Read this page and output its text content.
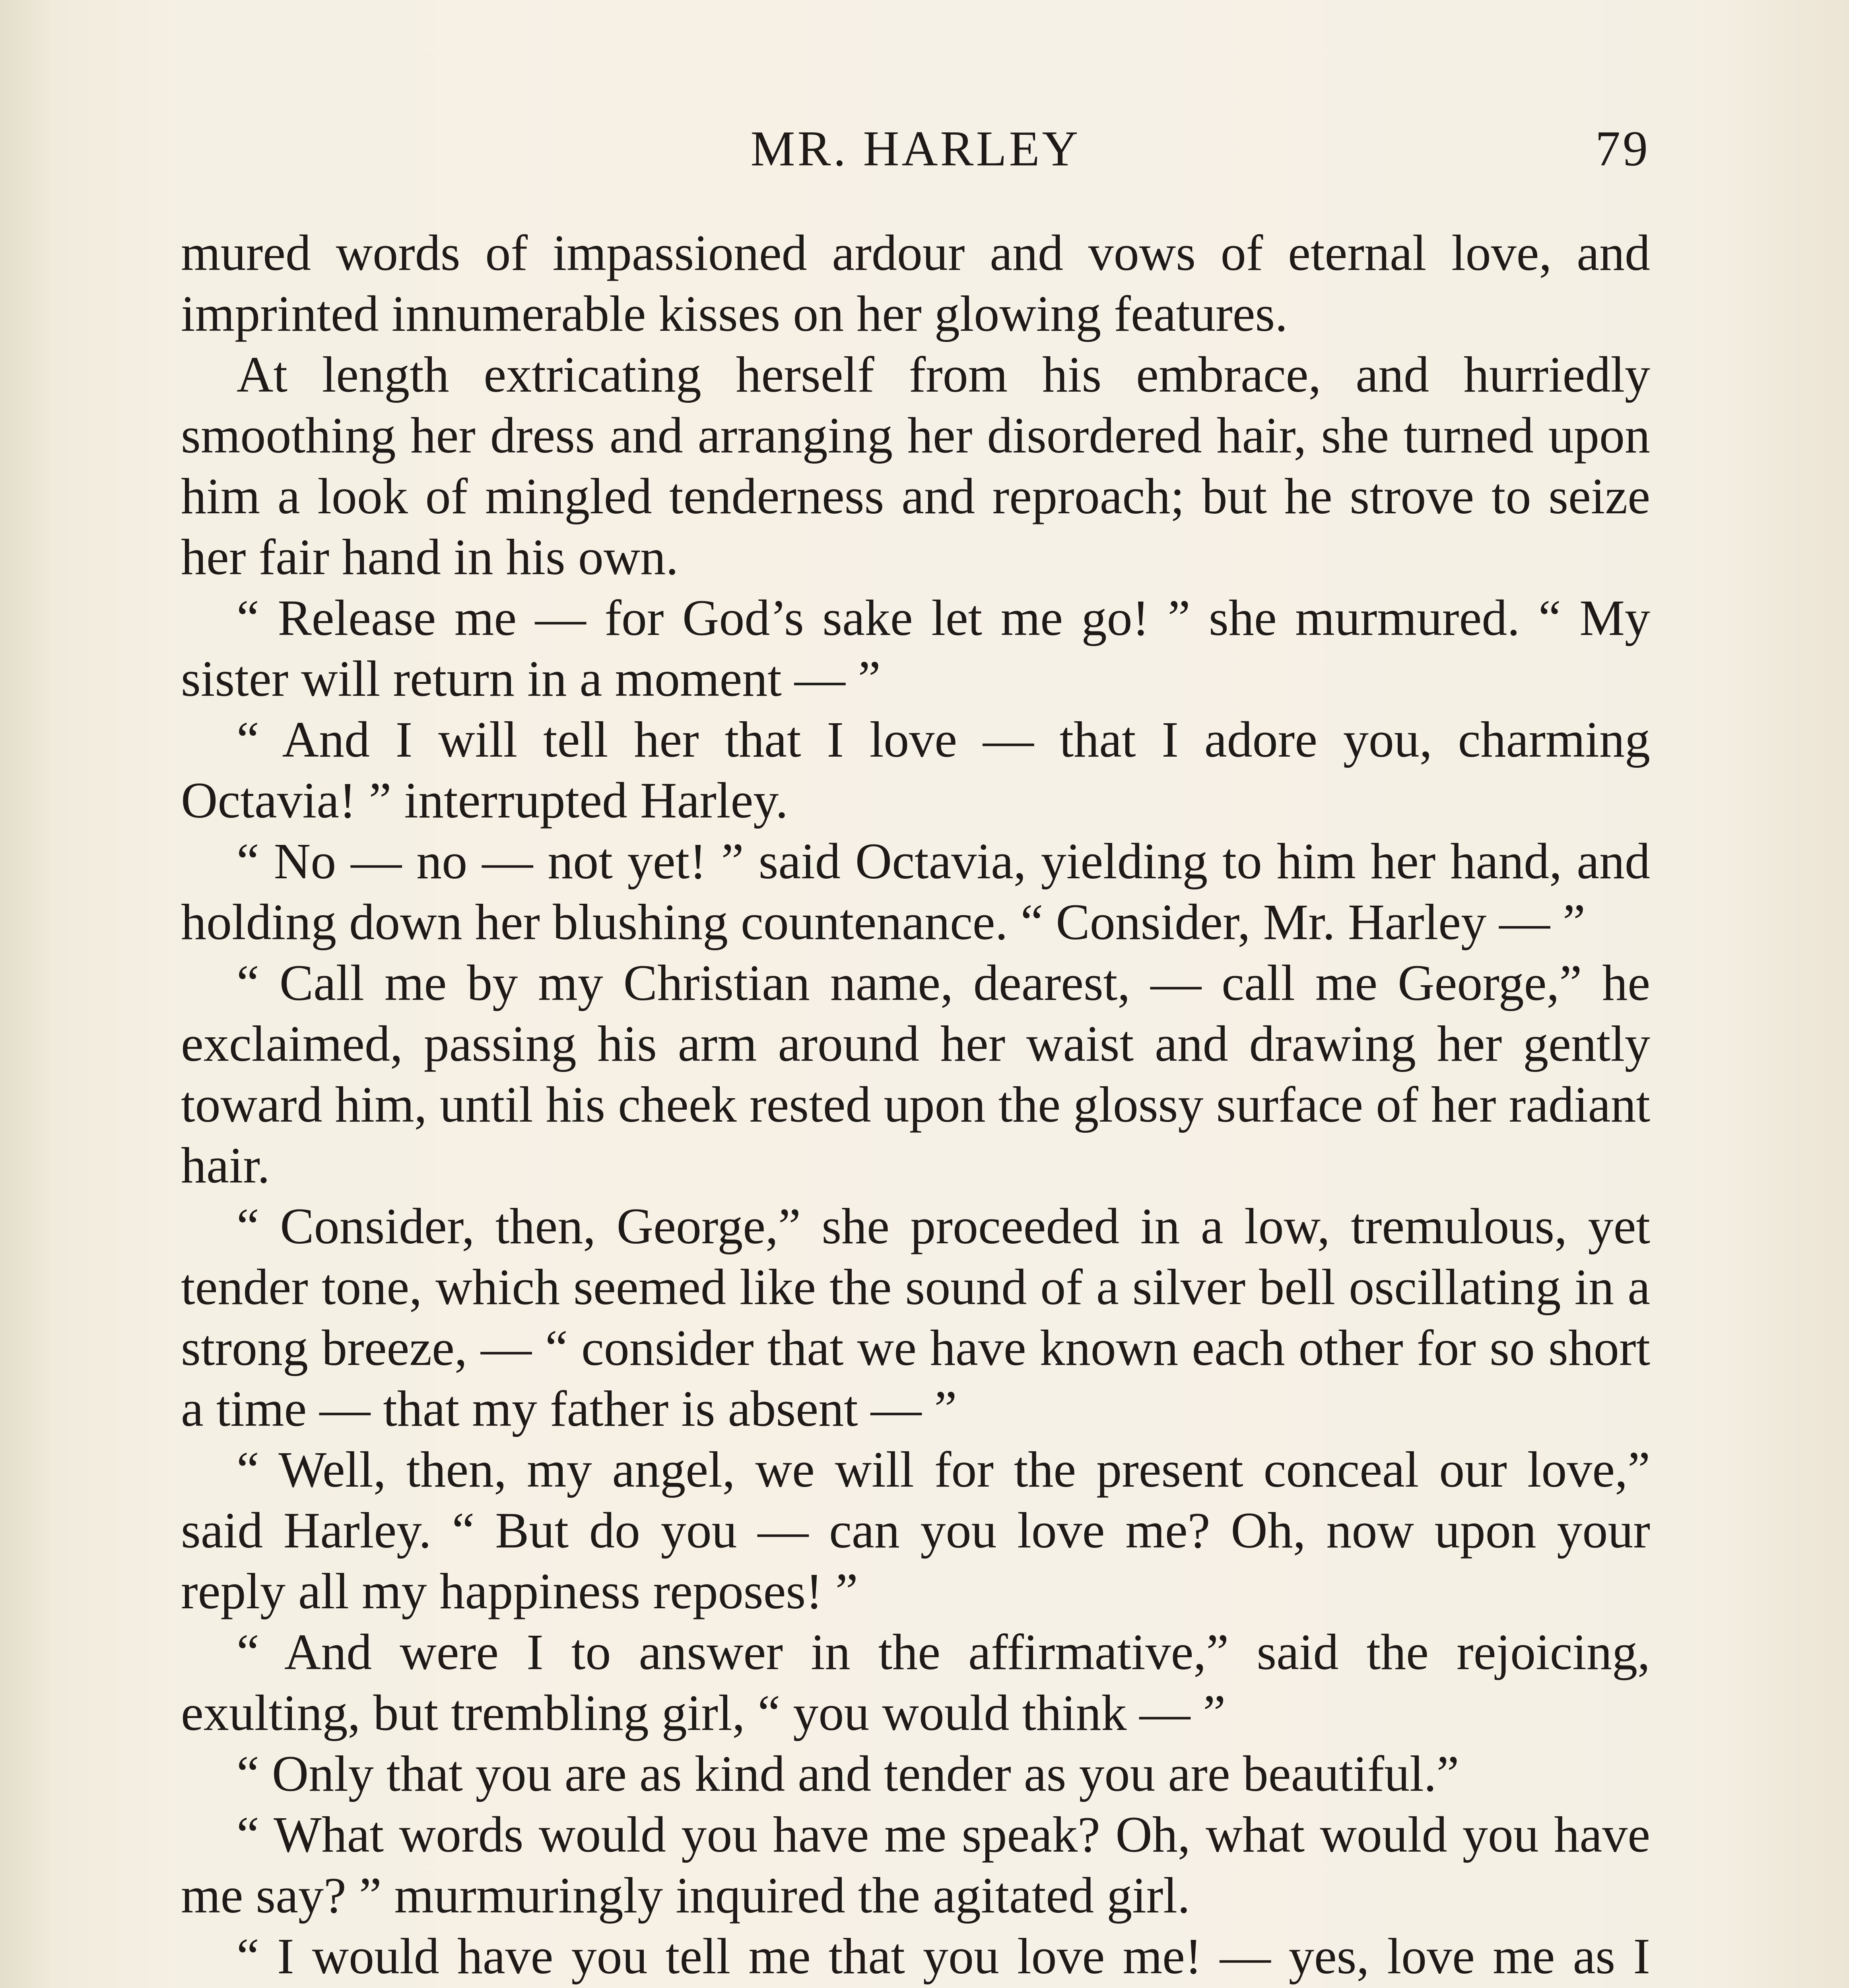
MR. HARLEY	79

mured words of impassioned ardour and vows of eternal love, and imprinted innumerable kisses on her glowing features.

At length extricating herself from his embrace, and hurriedly smoothing her dress and arranging her disordered hair, she turned upon him a look of mingled tenderness and reproach; but he strove to seize her fair hand in his own.

“ Release me — for God’s sake let me go! ” she murmured. “ My sister will return in a moment — ”

“ And I will tell her that I love — that I adore you, charming Octavia! ” interrupted Harley.

“ No — no — not yet! ” said Octavia, yielding to him her hand, and holding down her blushing countenance. “ Consider, Mr. Harley — ”

“ Call me by my Christian name, dearest, — call me George,” he exclaimed, passing his arm around her waist and drawing her gently toward him, until his cheek rested upon the glossy surface of her radiant hair.

“ Consider, then, George,” she proceeded in a low, tremulous, yet tender tone, which seemed like the sound of a silver bell oscillating in a strong breeze, — “ consider that we have known each other for so short a time — that my father is absent — ”

“ Well, then, my angel, we will for the present conceal our love,” said Harley. “ But do you — can you love me? Oh, now upon your reply all my happiness reposes! ”

“ And were I to answer in the affirmative,” said the rejoicing, exulting, but trembling girl, “ you would think — ”

“ Only that you are as kind and tender as you are beautiful.”

“ What words would you have me speak? Oh, what would you have me say? ” murmuringly inquired the agitated girl.

“ I would have you tell me that you love me! — yes, love me as I
